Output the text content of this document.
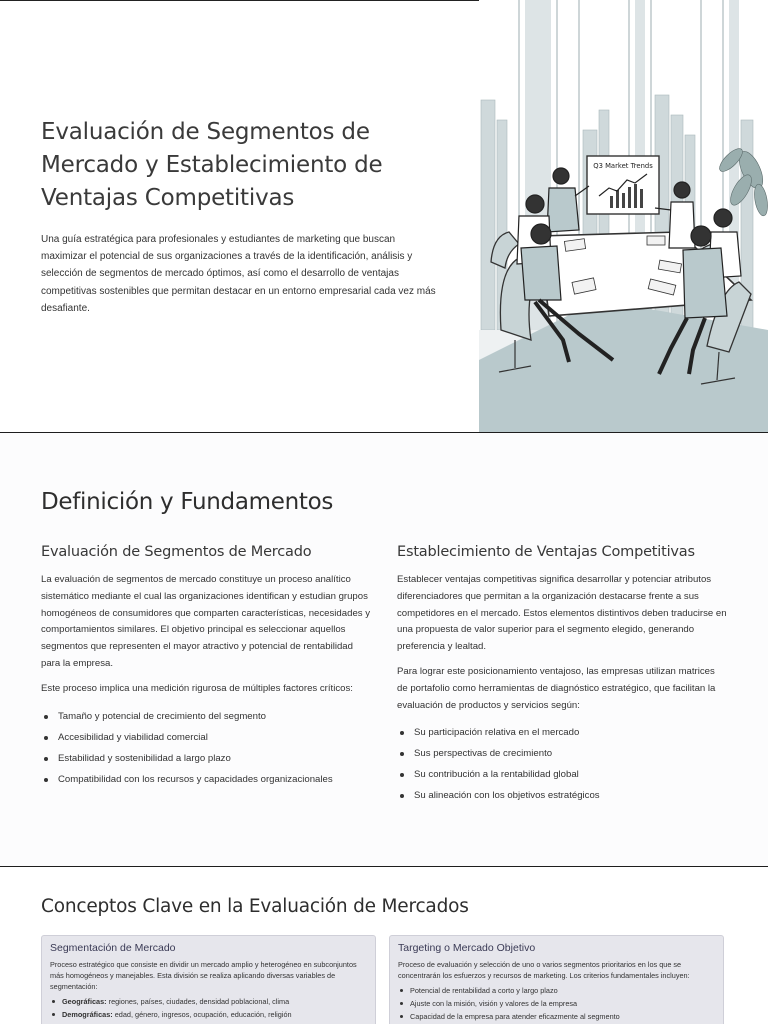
Evaluación de Segmentos de Mercado y Establecimiento de Ventajas Competitivas

Una guía estratégica para profesionales y estudiantes de marketing que buscan maximizar el potencial de sus organizaciones a través de la identificación, análisis y selección de segmentos de mercado óptimos, así como el desarrollo de ventajas competitivas sostenibles que permitan destacar en un entorno empresarial cada vez más desafiante.

Q3 Market Trends
Definición y Fundamentos
Evaluación de Segmentos de Mercado

La evaluación de segmentos de mercado constituye un proceso analítico sistemático mediante el cual las organizaciones identifican y estudian grupos homogéneos de consumidores que comparten características, necesidades y comportamientos similares. El objetivo principal es seleccionar aquellos segmentos que representen el mayor atractivo y potencial de rentabilidad para la empresa.

Este proceso implica una medición rigurosa de múltiples factores críticos:

Tamaño y potencial de crecimiento del segmento
Accesibilidad y viabilidad comercial
Estabilidad y sostenibilidad a largo plazo
Compatibilidad con los recursos y capacidades organizacionales
Establecimiento de Ventajas Competitivas

Establecer ventajas competitivas significa desarrollar y potenciar atributos diferenciadores que permitan a la organización destacarse frente a sus competidores en el mercado. Estos elementos distintivos deben traducirse en una propuesta de valor superior para el segmento elegido, generando preferencia y lealtad.

Para lograr este posicionamiento ventajoso, las empresas utilizan matrices de portafolio como herramientas de diagnóstico estratégico, que facilitan la evaluación de productos y servicios según:

Su participación relativa en el mercado
Sus perspectivas de crecimiento
Su contribución a la rentabilidad global
Su alineación con los objetivos estratégicos
Conceptos Clave en la Evaluación de Mercados
Segmentación de Mercado

Proceso estratégico que consiste en dividir un mercado amplio y heterogéneo en subconjuntos más homogéneos y manejables. Esta división se realiza aplicando diversas variables de segmentación:

Geográficas: regiones, países, ciudades, densidad poblacional, clima
Demográficas: edad, género, ingresos, ocupación, educación, religión
Targeting o Mercado Objetivo

Proceso de evaluación y selección de uno o varios segmentos prioritarios en los que se concentrarán los esfuerzos y recursos de marketing. Los criterios fundamentales incluyen:

Potencial de rentabilidad a corto y largo plazo
Ajuste con la misión, visión y valores de la empresa
Capacidad de la empresa para atender eficazmente al segmento
